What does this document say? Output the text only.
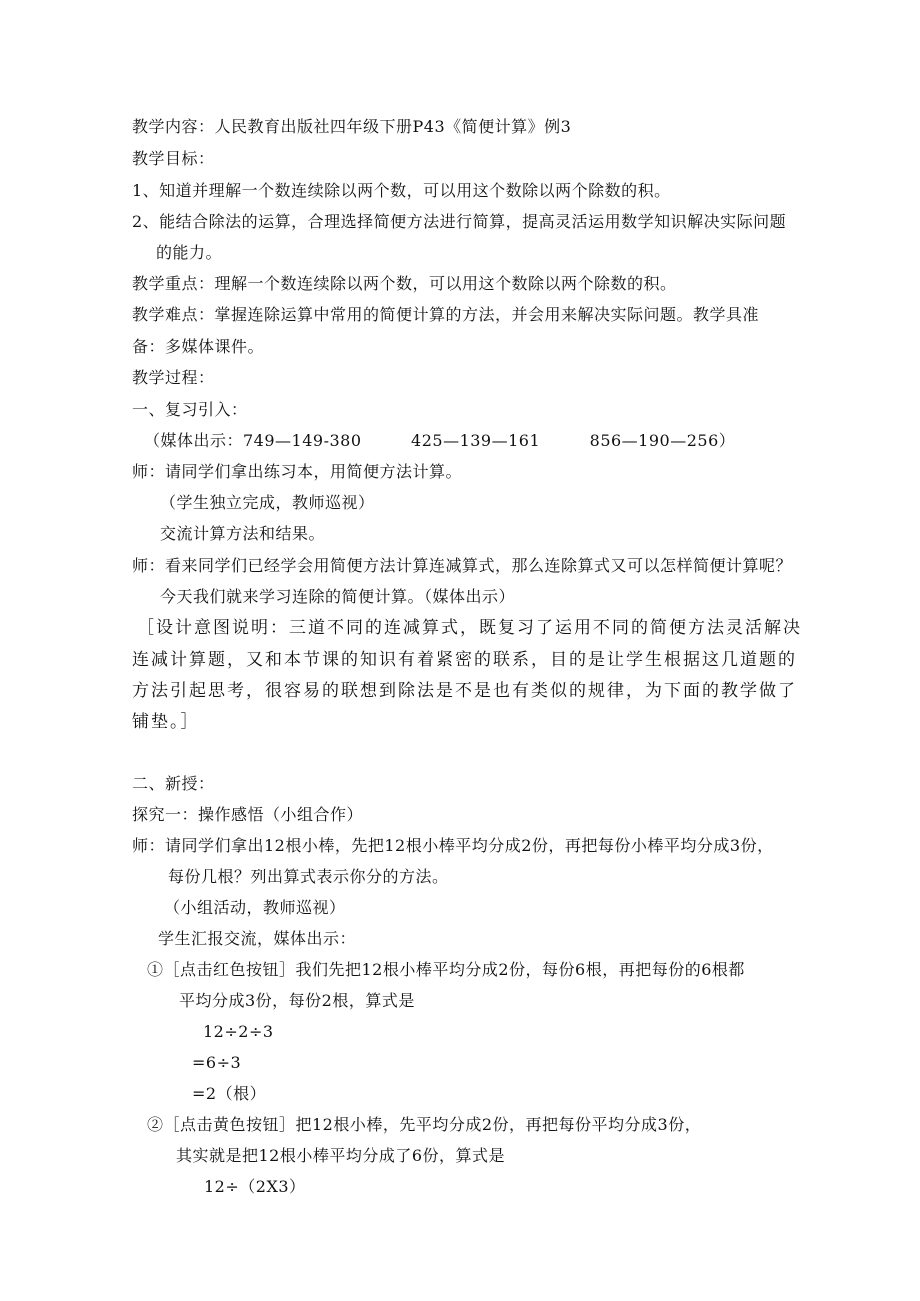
教学内容：人民教育出版社四年级下册P43《简便计算》例3
教学目标：
1、知道并理解一个数连续除以两个数，可以用这个数除以两个除数的积。
2、能结合除法的运算，合理选择简便方法进行简算，提高灵活运用数学知识解决实际问题
的能力。
教学重点：理解一个数连续除以两个数，可以用这个数除以两个除数的积。
教学难点：掌握连除运算中常用的简便计算的方法，并会用来解决实际问题。教学具准
备：多媒体课件。
教学过程：
一、复习引入：
（媒体出示：749—149-380　　　425—139—161　　　856—190—256）
师：请同学们拿出练习本，用简便方法计算。
（学生独立完成，教师巡视）
交流计算方法和结果。
师：看来同学们已经学会用简便方法计算连减算式，那么连除算式又可以怎样简便计算呢？
今天我们就来学习连除的简便计算。（媒体出示）
［设计意图说明：三道不同的连减算式，既复习了运用不同的简便方法灵活解决
连减计算题，又和本节课的知识有着紧密的联系，目的是让学生根据这几道题的
方法引起思考，很容易的联想到除法是不是也有类似的规律，为下面的教学做了
铺垫。］
二、新授：
探究一：操作感悟（小组合作）
师：请同学们拿出12根小棒，先把12根小棒平均分成2份，再把每份小棒平均分成3份，
每份几根？列出算式表示你分的方法。
（小组活动，教师巡视）
学生汇报交流，媒体出示：
①［点击红色按钮］我们先把12根小棒平均分成2份，每份6根，再把每份的6根都
平均分成3份，每份2根，算式是
12÷2÷3
=6÷3
=2（根）
②［点击黄色按钮］把12根小棒，先平均分成2份，再把每份平均分成3份，
其实就是把12根小棒平均分成了6份，算式是
12÷（2X3）
